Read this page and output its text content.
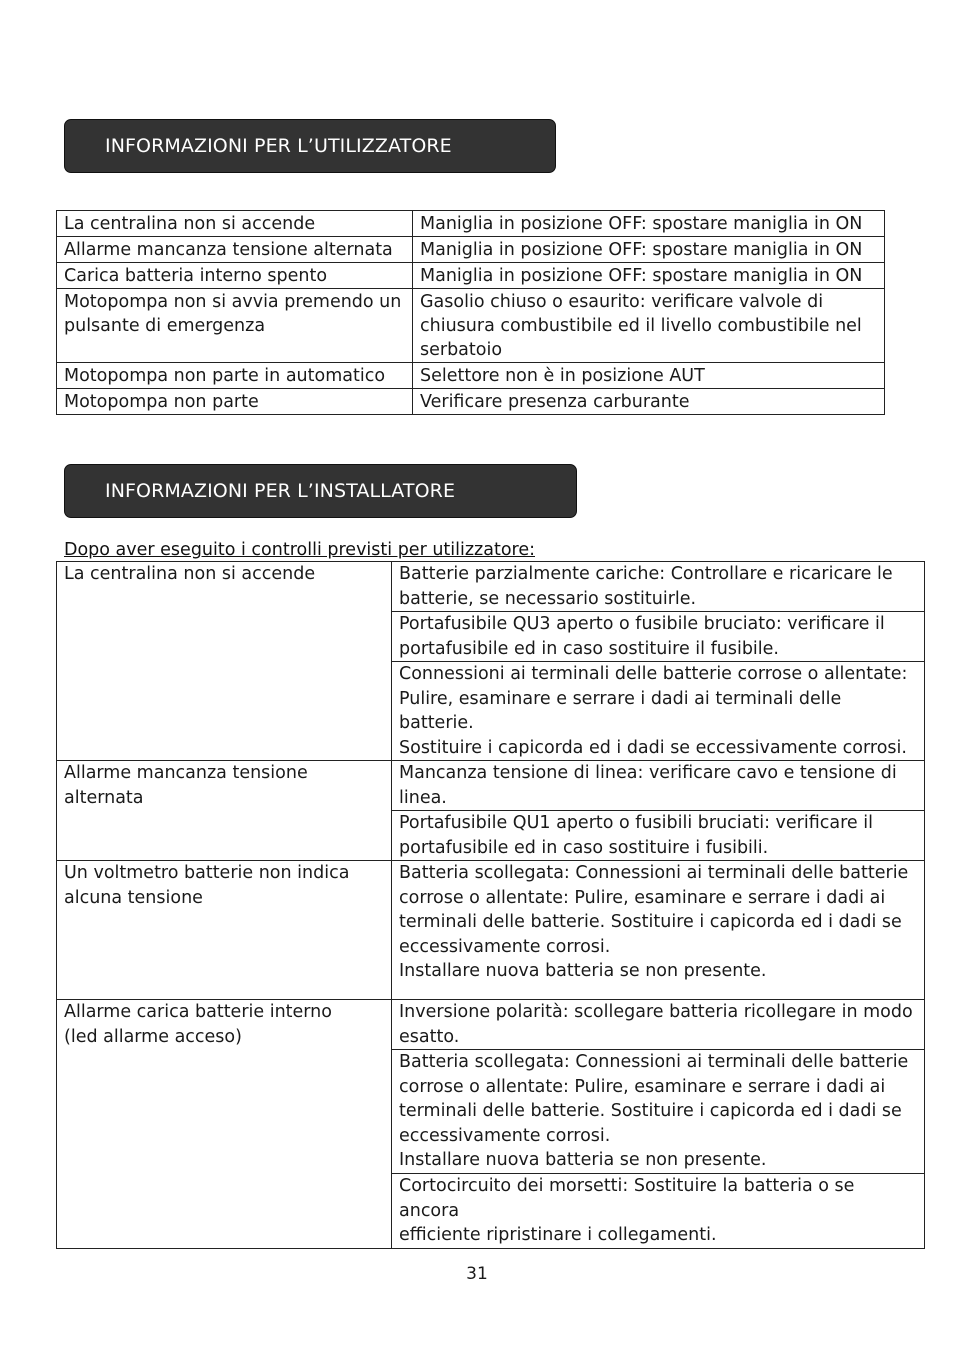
INFORMAZIONI PER L’UTILIZZATORE
La centralina non si accende	Maniglia in posizione OFF: spostare maniglia in ON
Allarme mancanza tensione alternata	Maniglia in posizione OFF: spostare maniglia in ON
Carica batteria interno spento	Maniglia in posizione OFF: spostare maniglia in ON
Motopompa non si avvia premendo un
pulsante di emergenza	Gasolio chiuso o esaurito: verificare valvole di
chiusura combustibile ed il livello combustibile nel
serbatoio
Motopompa non parte in automatico	Selettore non è in posizione AUT
Motopompa non parte	Verificare presenza carburante
INFORMAZIONI PER L’INSTALLATORE

Dopo aver eseguito i controlli previsti per utilizzatore:

La centralina non si accende	Batterie parzialmente cariche: Controllare e ricaricare le
batterie, se necessario sostituirle.
	Portafusibile QU3 aperto o fusibile bruciato: verificare il
portafusibile ed in caso sostituire il fusibile.
	Connessioni ai terminali delle batterie corrose o allentate:
Pulire, esaminare e serrare i dadi ai terminali delle batterie.
Sostituire i capicorda ed i dadi se eccessivamente corrosi.
Allarme mancanza tensione
alternata	Mancanza tensione di linea: verificare cavo e tensione di
linea.
	Portafusibile QU1 aperto o fusibili bruciati: verificare il
portafusibile ed in caso sostituire i fusibili.
Un voltmetro batterie non indica
alcuna tensione	Batteria scollegata: Connessioni ai terminali delle batterie
corrose o allentate: Pulire, esaminare e serrare i dadi ai
terminali delle batterie. Sostituire i capicorda ed i dadi se
eccessivamente corrosi.
Installare nuova batteria se non presente.
Allarme carica batterie interno
(led allarme acceso)	Inversione polarità: scollegare batteria ricollegare in modo
esatto.
	Batteria scollegata: Connessioni ai terminali delle batterie
corrose o allentate: Pulire, esaminare e serrare i dadi ai
terminali delle batterie. Sostituire i capicorda ed i dadi se
eccessivamente corrosi.
Installare nuova batteria se non presente.
	Cortocircuito dei morsetti: Sostituire la batteria o se ancora
efficiente ripristinare i collegamenti.
31
